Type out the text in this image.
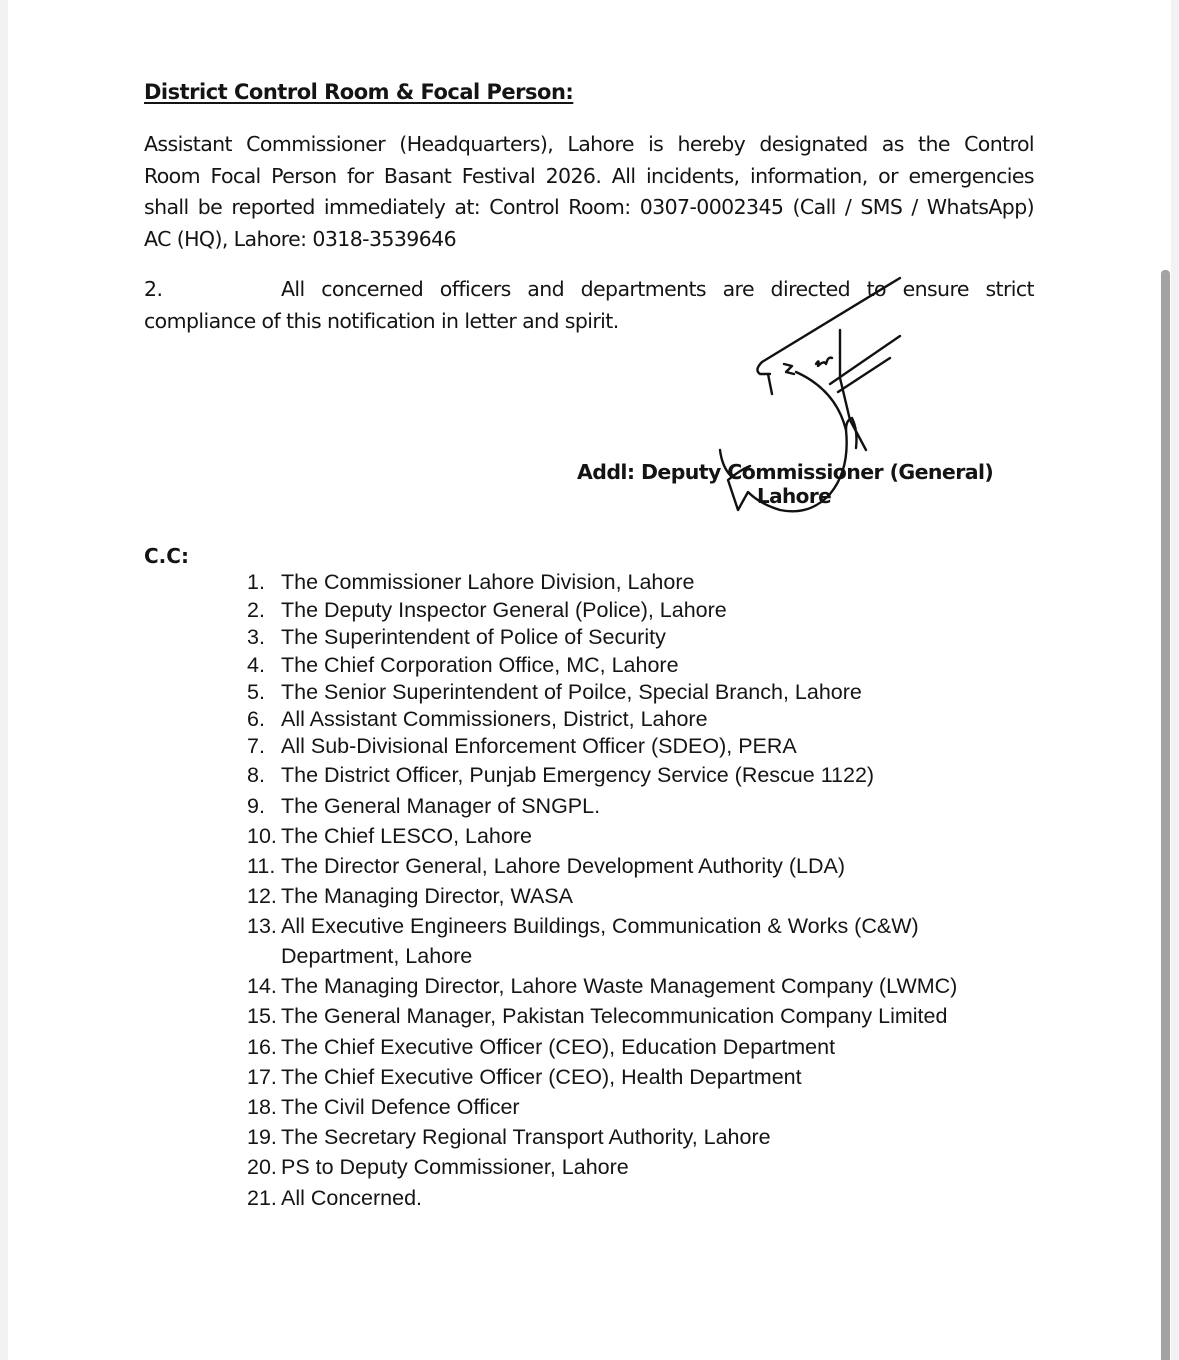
District Control Room & Focal Person:
Assistant Commissioner (Headquarters), Lahore is hereby designated as the Control
Room Focal Person for Basant Festival 2026. All incidents, information, or emergencies
shall be reported immediately at: Control Room: 0307-0002345 (Call / SMS / WhatsApp)
AC (HQ), Lahore: 0318-3539646
2.	All concerned officers and departments are directed to ensure strict
compliance of this notification in letter and spirit.
Addl: Deputy Commissioner (General)
Lahore
C.C:
1. The Commissioner Lahore Division, Lahore
2. The Deputy Inspector General (Police), Lahore
3. The Superintendent of Police of Security
4. The Chief Corporation Office, MC, Lahore
5. The Senior Superintendent of Poilce, Special Branch, Lahore
6. All Assistant Commissioners, District, Lahore
7. All Sub-Divisional Enforcement Officer (SDEO), PERA
8. The District Officer, Punjab Emergency Service (Rescue 1122)
9. The General Manager of SNGPL.
10. The Chief LESCO, Lahore
11. The Director General, Lahore Development Authority (LDA)
12. The Managing Director, WASA
13. All Executive Engineers Buildings, Communication & Works (C&W)
Department, Lahore
14. The Managing Director, Lahore Waste Management Company (LWMC)
15. The General Manager, Pakistan Telecommunication Company Limited
16. The Chief Executive Officer (CEO), Education Department
17. The Chief Executive Officer (CEO), Health Department
18. The Civil Defence Officer
19. The Secretary Regional Transport Authority, Lahore
20. PS to Deputy Commissioner, Lahore
21. All Concerned.
